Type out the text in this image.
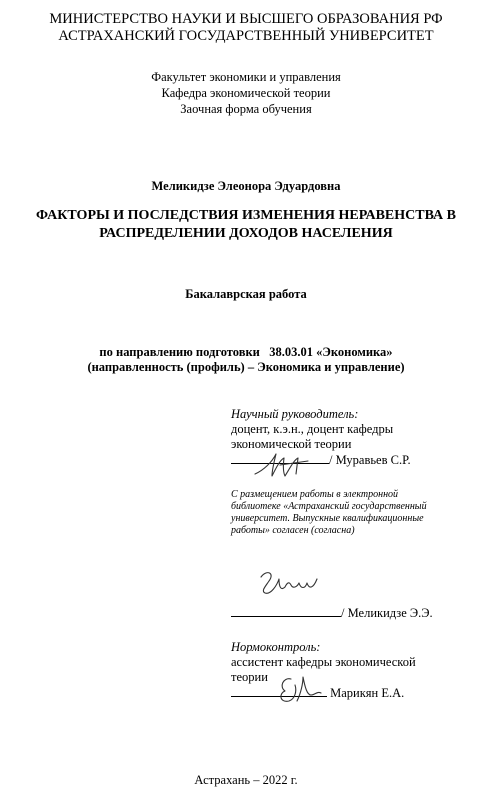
МИНИСТЕРСТВО НАУКИ И ВЫСШЕГО ОБРАЗОВАНИЯ РФ
АСТРАХАНСКИЙ ГОСУДАРСТВЕННЫЙ УНИВЕРСИТЕТ
Факультет экономики и управления
Кафедра экономической теории
Заочная форма обучения
Меликидзе Элеонора Эдуардовна
ФАКТОРЫ И ПОСЛЕДСТВИЯ ИЗМЕНЕНИЯ НЕРАВЕНСТВА В
РАСПРЕДЕЛЕНИИ ДОХОДОВ НАСЕЛЕНИЯ
Бакалаврская работа
по направлению подготовки   38.03.01 «Экономика»
(направленность (профиль) – Экономика и управление)
Научный руководитель:
доцент, к.э.н., доцент кафедры
экономической теории
/ Муравьев С.Р.
С размещением работы в электронной
библиотеке «Астраханский государственный
университет. Выпускные квалификационные
работы» согласен (согласна)
/ Меликидзе Э.Э.
Нормоконтроль:
ассистент кафедры экономической
теории
Марикян Е.А.
Астрахань – 2022 г.
